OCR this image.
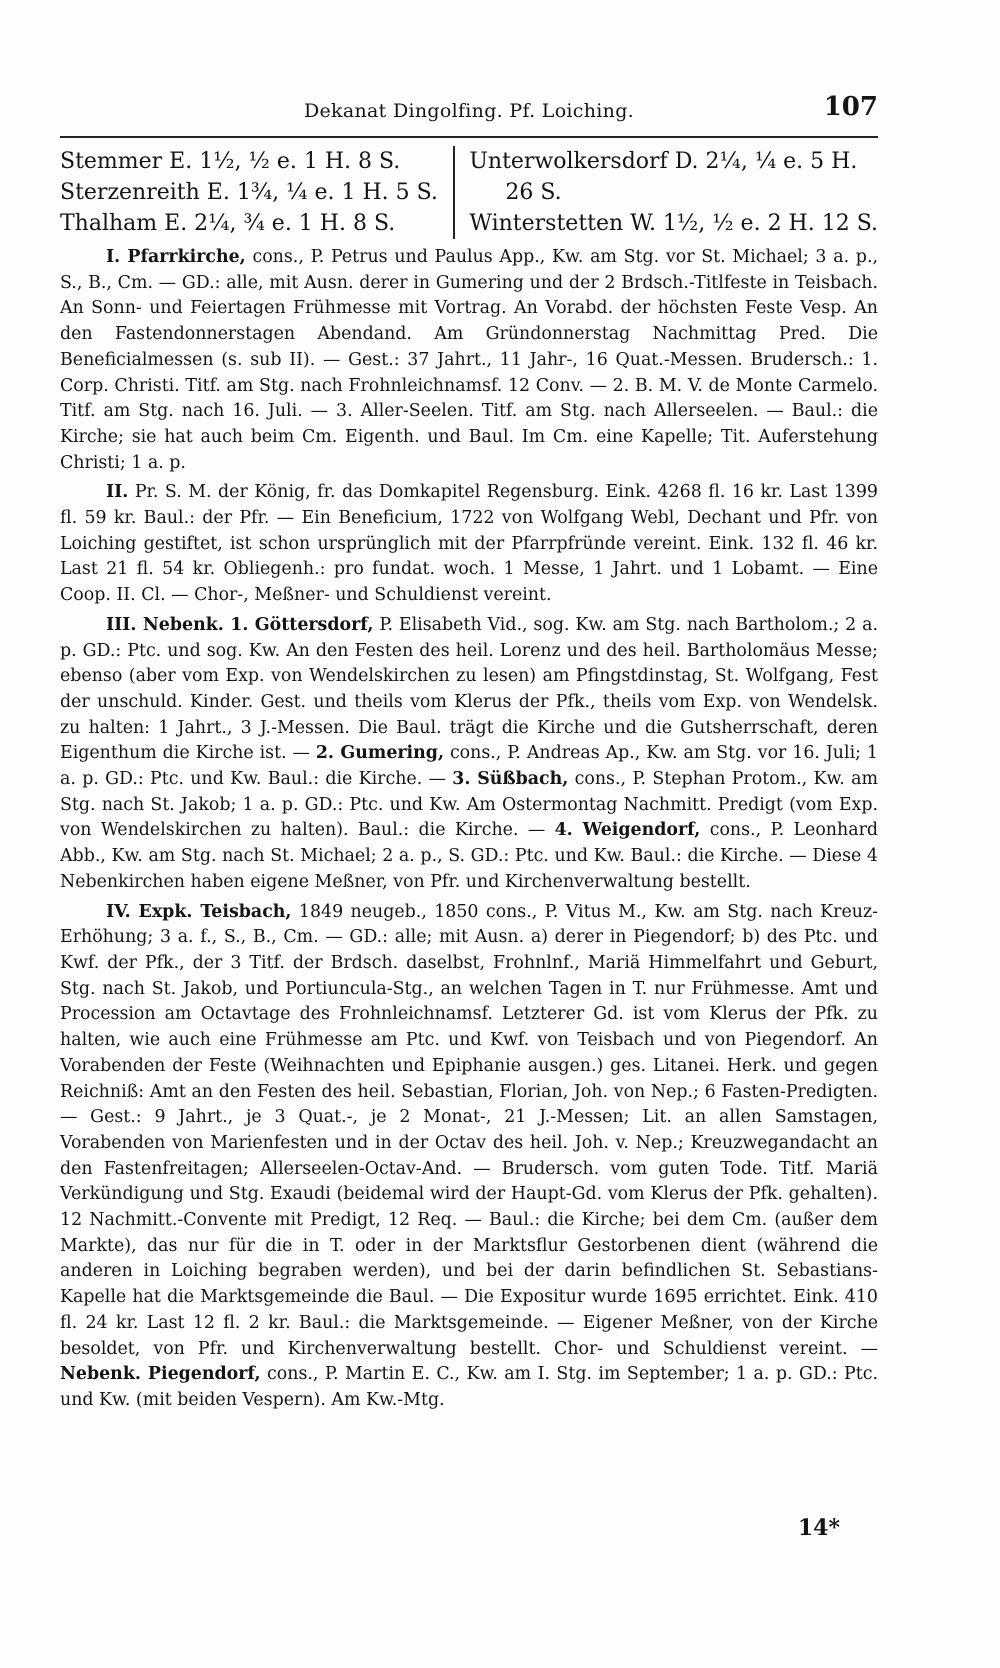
Dekanat Dingolfing. Pf. Loiching.	107
Stemmer E. 1½, ½ e. 1 H. 8 S.
Sterzenreith E. 1¾, ¼ e. 1 H. 5 S.
Thalham E. 2¼, ¾ e. 1 H. 8 S.
Unterwolkersdorf D. 2¼, ¼ e. 5 H.
26 S.
Winterstetten W. 1½, ½ e. 2 H. 12 S.

I. Pfarrkirche, cons., P. Petrus und Paulus App., Kw. am Stg. vor St. Michael; 3 a. p., S., B., Cm. — GD.: alle, mit Ausn. derer in Gumering und der 2 Brdsch.-Titlfeste in Teisbach. An Sonn- und Feiertagen Frühmesse mit Vortrag. An Vorabd. der höchsten Feste Vesp. An den Fastendonnerstagen Abendand. Am Gründonnerstag Nachmittag Pred. Die Beneficialmessen (s. sub II). — Gest.: 37 Jahrt., 11 Jahr-, 16 Quat.-Messen. Brudersch.: 1. Corp. Christi. Titf. am Stg. nach Frohnleichnamsf. 12 Conv. — 2. B. M. V. de Monte Carmelo. Titf. am Stg. nach 16. Juli. — 3. Aller-Seelen. Titf. am Stg. nach Allerseelen. — Baul.: die Kirche; sie hat auch beim Cm. Eigenth. und Baul. Im Cm. eine Kapelle; Tit. Auferstehung Christi; 1 a. p.

II. Pr. S. M. der König, fr. das Domkapitel Regensburg. Eink. 4268 fl. 16 kr. Last 1399 fl. 59 kr. Baul.: der Pfr. — Ein Beneficium, 1722 von Wolfgang Webl, Dechant und Pfr. von Loiching gestiftet, ist schon ursprünglich mit der Pfarrpfründe vereint. Eink. 132 fl. 46 kr. Last 21 fl. 54 kr. Obliegenh.: pro fundat. woch. 1 Messe, 1 Jahrt. und 1 Lobamt. — Eine Coop. II. Cl. — Chor-, Meßner- und Schuldienst vereint.

III. Nebenk. 1. Göttersdorf, P. Elisabeth Vid., sog. Kw. am Stg. nach Bartholom.; 2 a. p. GD.: Ptc. und sog. Kw. An den Festen des heil. Lorenz und des heil. Bartholomäus Messe; ebenso (aber vom Exp. von Wendelskirchen zu lesen) am Pfingstdinstag, St. Wolfgang, Fest der unschuld. Kinder. Gest. und theils vom Klerus der Pfk., theils vom Exp. von Wendelsk. zu halten: 1 Jahrt., 3 J.-Messen. Die Baul. trägt die Kirche und die Gutsherrschaft, deren Eigenthum die Kirche ist. — 2. Gumering, cons., P. Andreas Ap., Kw. am Stg. vor 16. Juli; 1 a. p. GD.: Ptc. und Kw. Baul.: die Kirche. — 3. Süßbach, cons., P. Stephan Protom., Kw. am Stg. nach St. Jakob; 1 a. p. GD.: Ptc. und Kw. Am Ostermontag Nachmitt. Predigt (vom Exp. von Wendelskirchen zu halten). Baul.: die Kirche. — 4. Weigendorf, cons., P. Leonhard Abb., Kw. am Stg. nach St. Michael; 2 a. p., S. GD.: Ptc. und Kw. Baul.: die Kirche. — Diese 4 Nebenkirchen haben eigene Meßner, von Pfr. und Kirchenverwaltung bestellt.

IV. Expk. Teisbach, 1849 neugeb., 1850 cons., P. Vitus M., Kw. am Stg. nach Kreuz-Erhöhung; 3 a. f., S., B., Cm. — GD.: alle; mit Ausn. a) derer in Piegendorf; b) des Ptc. und Kwf. der Pfk., der 3 Titf. der Brdsch. daselbst, Frohnlnf., Mariä Himmelfahrt und Geburt, Stg. nach St. Jakob, und Portiuncula-Stg., an welchen Tagen in T. nur Frühmesse. Amt und Procession am Octavtage des Frohnleichnamsf. Letzterer Gd. ist vom Klerus der Pfk. zu halten, wie auch eine Frühmesse am Ptc. und Kwf. von Teisbach und von Piegendorf. An Vorabenden der Feste (Weihnachten und Epiphanie ausgen.) ges. Litanei. Herk. und gegen Reichniß: Amt an den Festen des heil. Sebastian, Florian, Joh. von Nep.; 6 Fasten-Predigten. — Gest.: 9 Jahrt., je 3 Quat.-, je 2 Monat-, 21 J.-Messen; Lit. an allen Samstagen, Vorabenden von Marienfesten und in der Octav des heil. Joh. v. Nep.; Kreuzwegandacht an den Fastenfreitagen; Allerseelen-Octav-And. — Brudersch. vom guten Tode. Titf. Mariä Verkündigung und Stg. Exaudi (beidemal wird der Haupt-Gd. vom Klerus der Pfk. gehalten). 12 Nachmitt.-Convente mit Predigt, 12 Req. — Baul.: die Kirche; bei dem Cm. (außer dem Markte), das nur für die in T. oder in der Marktsflur Gestorbenen dient (während die anderen in Loiching begraben werden), und bei der darin befindlichen St. Sebastians-Kapelle hat die Marktsgemeinde die Baul. — Die Expositur wurde 1695 errichtet. Eink. 410 fl. 24 kr. Last 12 fl. 2 kr. Baul.: die Marktsgemeinde. — Eigener Meßner, von der Kirche besoldet, von Pfr. und Kirchenverwaltung bestellt. Chor- und Schuldienst vereint. — Nebenk. Piegendorf, cons., P. Martin E. C., Kw. am I. Stg. im September; 1 a. p. GD.: Ptc. und Kw. (mit beiden Vespern). Am Kw.-Mtg.

14*
